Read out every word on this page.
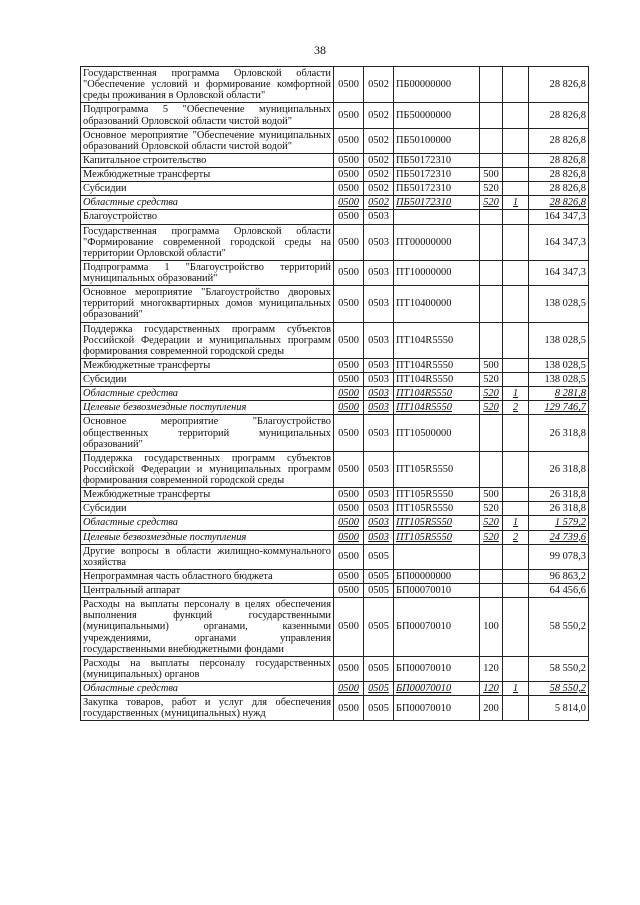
38
Государственная программа Орловской области "Обеспечение условий и формирование комфортной среды проживания в Орловской области"	0500	0502	ПБ00000000			28 826,8
Подпрограмма 5 "Обеспечение муниципальных образований Орловской области чистой водой"	0500	0502	ПБ50000000			28 826,8
Основное мероприятие "Обеспечение муниципальных образований Орловской области чистой водой"	0500	0502	ПБ50100000			28 826,8
Капитальное строительство	0500	0502	ПБ50172310			28 826,8
Межбюджетные трансферты	0500	0502	ПБ50172310	500		28 826,8
Субсидии	0500	0502	ПБ50172310	520		28 826,8
Областные средства	0500	0502	ПБ50172310	520	1	28 826,8
Благоустройство	0500	0503				164 347,3
Государственная программа Орловской области "Формирование современной городской среды на территории Орловской области"	0500	0503	ПТ00000000			164 347,3
Подпрограмма 1 "Благоустройство территорий муниципальных образований"	0500	0503	ПТ10000000			164 347,3
Основное мероприятие "Благоустройство дворовых территорий многоквартирных домов муниципальных образований"	0500	0503	ПТ10400000			138 028,5
Поддержка государственных программ субъектов Российской Федерации и муниципальных программ формирования современной городской среды	0500	0503	ПТ104R5550			138 028,5
Межбюджетные трансферты	0500	0503	ПТ104R5550	500		138 028,5
Субсидии	0500	0503	ПТ104R5550	520		138 028,5
Областные средства	0500	0503	ПТ104R5550	520	1	8 281,8
Целевые безвозмездные поступления	0500	0503	ПТ104R5550	520	2	129 746,7
Основное мероприятие "Благоустройство общественных территорий муниципальных образований"	0500	0503	ПТ10500000			26 318,8
Поддержка государственных программ субъектов Российской Федерации и муниципальных программ формирования современной городской среды	0500	0503	ПТ105R5550			26 318,8
Межбюджетные трансферты	0500	0503	ПТ105R5550	500		26 318,8
Субсидии	0500	0503	ПТ105R5550	520		26 318,8
Областные средства	0500	0503	ПТ105R5550	520	1	1 579,2
Целевые безвозмездные поступления	0500	0503	ПТ105R5550	520	2	24 739,6
Другие вопросы в области жилищно-коммунального хозяйства	0500	0505				99 078,3
Непрограммная часть областного бюджета	0500	0505	БП00000000			96 863,2
Центральный аппарат	0500	0505	БП00070010			64 456,6
Расходы на выплаты персоналу в целях обеспечения выполнения функций государственными (муниципальными) органами, казенными учреждениями, органами управления государственными внебюджетными фондами	0500	0505	БП00070010	100		58 550,2
Расходы на выплаты персоналу государственных (муниципальных) органов	0500	0505	БП00070010	120		58 550,2
Областные средства	0500	0505	БП00070010	120	1	58 550,2
Закупка товаров, работ и услуг для обеспечения государственных (муниципальных) нужд	0500	0505	БП00070010	200		5 814,0
